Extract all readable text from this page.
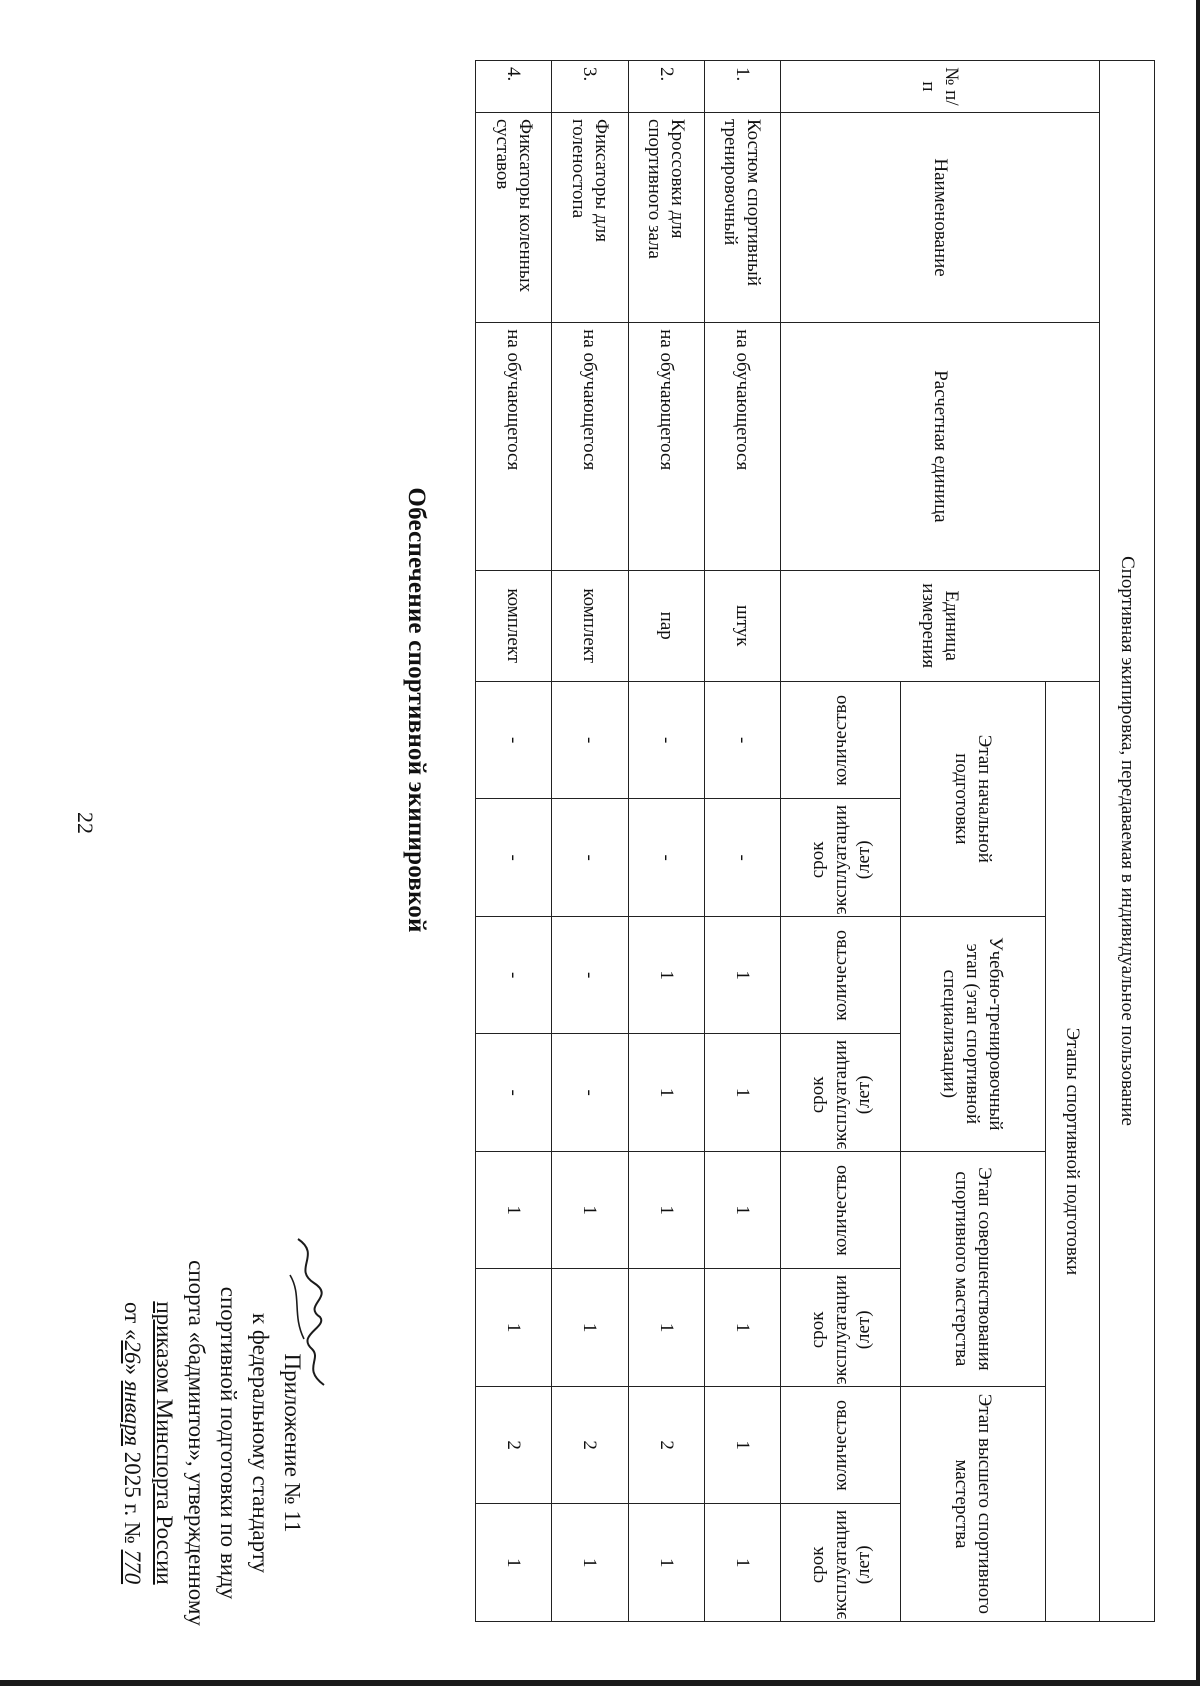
22
Приложение № 11
к федеральному стандарту
спортивной подготовки по виду
спорта «бадминтон», утвержденному
приказом Минспорта России
от «26» января 2025 г. № 770
Обеспечение спортивной экипировкой	Спортивная экипировка, передаваемая в индивидуальное пользование											
№ п/п	Наименование	Расчетная единица	Единица измерения	Этапы спортивной подготовки							
				Этап начальной подготовки		Учебно-тренировочный этап (этап спортивной специализации)		Этап совершенствования спортивного мастерства		Этап высшего спортивного мастерства	
				количество	срок эксплуатации (лет)	количество	срок эксплуатации (лет)	количество	срок эксплуатации (лет)	количество	срок эксплуатации (лет)
1.	Костюм спортивный тренировочный	на обучающегося	штук	-	-	1	1	1	1	1	1
2.	Кроссовки для спортивного зала	на обучающегося	пар	-	-	1	1	1	1	2	1
3.	Фиксаторы для голеностопа	на обучающегося	комплект	-	-	-	-	1	1	2	1
4.	Фиксаторы коленных суставов	на обучающегося	комплект	-	-	-	-	1	1	2	1
